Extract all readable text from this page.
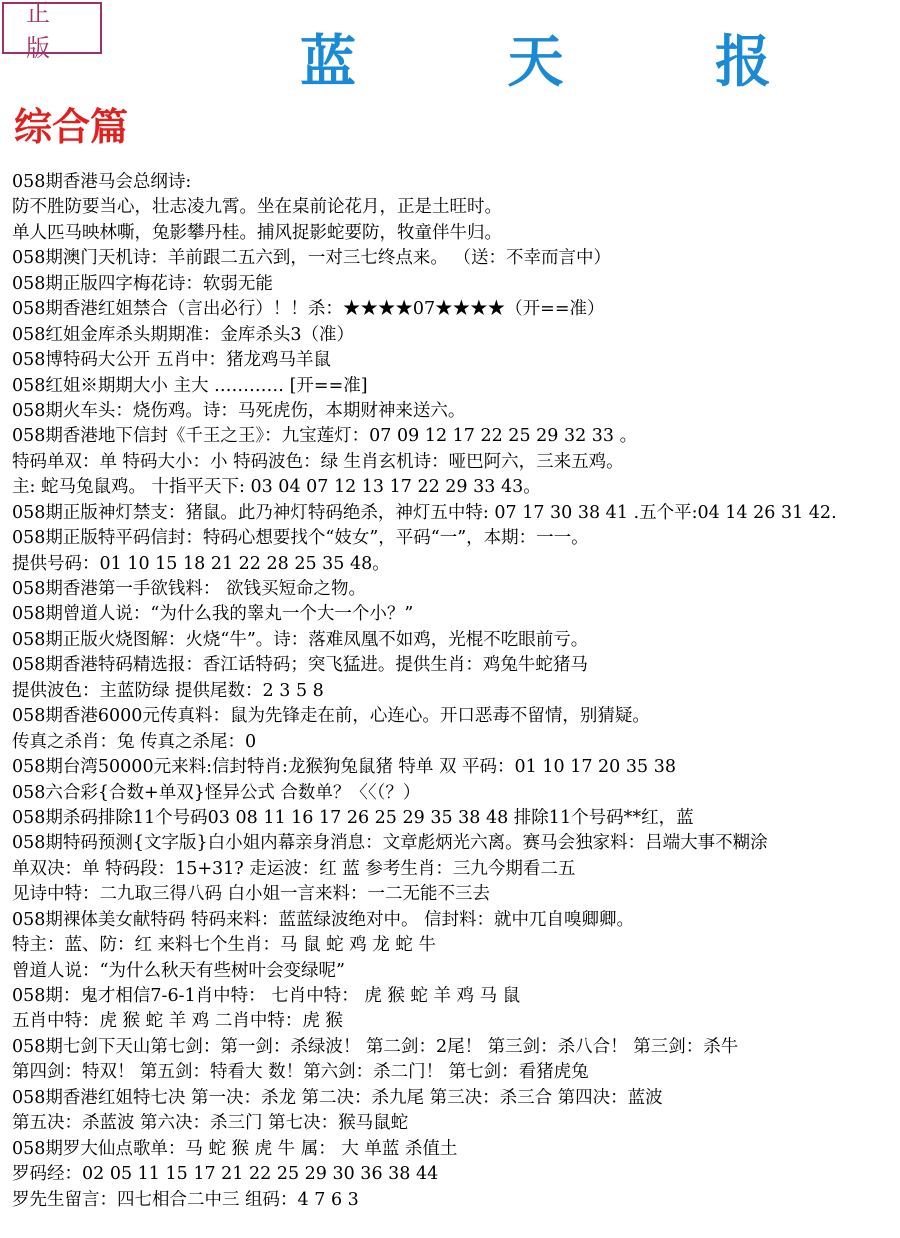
正 版	蓝 天 报
综合篇
058期香港马会总纲诗:
防不胜防要当心，壮志凌九霄。坐在桌前论花月，正是土旺时。
单人匹马映林嘶，兔影攀丹桂。捕风捉影蛇要防，牧童伴牛归。
058期澳门天机诗：羊前跟二五六到，一对三七终点来。 （送：不幸而言中）
058期正版四字梅花诗：软弱无能
058期香港红姐禁合（言出必行）！！杀：★★★★07★★★★（开==准）
058红姐金库杀头期期准：金库杀头3（准）
058博特码大公开 五肖中：猪龙鸡马羊鼠
058红姐※期期大小 主大 ………… [开==准]
058期火车头：烧伤鸡。诗：马死虎伤，本期财神来送六。
058期香港地下信封《千王之王》：九宝莲灯：07 09 12 17 22 25 29 32 33 。
特码单双：单 特码大小：小 特码波色：绿 生肖玄机诗：哑巴阿六，三来五鸡。
主: 蛇马兔鼠鸡。 十指平天下: 03 04 07 12 13 17 22 29 33 43。
058期正版神灯禁支：猪鼠。此乃神灯特码绝杀，神灯五中特: 07 17 30 38 41 .五个平:04 14 26 31 42.
058期正版特平码信封：特码心想要找个“妓女”，平码“一”，本期：一一。
提供号码：01 10 15 18 21 22 28 25 35 48。
058期香港第一手欲钱料： 欲钱买短命之物。
058期曾道人说：“为什么我的睾丸一个大一个小？”
058期正版火烧图解：火烧“牛”。诗：落难凤凰不如鸡，光棍不吃眼前亏。
058期香港特码精选报：香江话特码；突飞猛进。提供生肖：鸡兔牛蛇猪马
提供波色：主蓝防绿 提供尾数：2 3 5 8
058期香港6000元传真料：鼠为先锋走在前，心连心。开口恶毒不留情，别猜疑。
传真之杀肖：兔 传真之杀尾：0
058期台湾50000元来料:信封特肖:龙猴狗兔鼠猪 特单 双 平码：01 10 17 20 35 38
058六合彩{合数+单双}怪异公式 合数单？〈〈（？）
058期杀码排除11个号码03 08 11 16 17 26 25 29 35 38 48 排除11个号码**红，蓝
058期特码预测{文字版}白小姐内幕亲身消息：文章彪炳光六离。赛马会独家料：吕端大事不糊涂
单双决：单 特码段：15+31? 走运波：红 蓝 参考生肖：三九今期看二五
见诗中特：二九取三得八码 白小姐一言来料：一二无能不三去
058期裸体美女献特码 特码来料：蓝蓝绿波绝对中。 信封料：就中兀自嗅卿卿。
特主：蓝、防：红 来料七个生肖：马 鼠 蛇 鸡 龙 蛇 牛
曾道人说：“为什么秋天有些树叶会变绿呢”
058期：鬼才相信7-6-1肖中特： 七肖中特： 虎 猴 蛇 羊 鸡 马 鼠
五肖中特：虎 猴 蛇 羊 鸡 二肖中特：虎 猴
058期七剑下天山第七剑：第一剑：杀绿波！ 第二剑：2尾！ 第三剑：杀八合！ 第三剑：杀牛
第四剑：特双！ 第五剑：特看大 数！第六剑：杀二门！ 第七剑：看猪虎兔
058期香港红姐特七决 第一决：杀龙 第二决：杀九尾 第三决：杀三合 第四决：蓝波
第五决：杀蓝波 第六决：杀三门 第七决：猴马鼠蛇
058期罗大仙点歌单：马 蛇 猴 虎 牛 属： 大 单蓝 杀值土
罗码经：02 05 11 15 17 21 22 25 29 30 36 38 44
罗先生留言：四七相合二中三 组码：4 7 6 3
